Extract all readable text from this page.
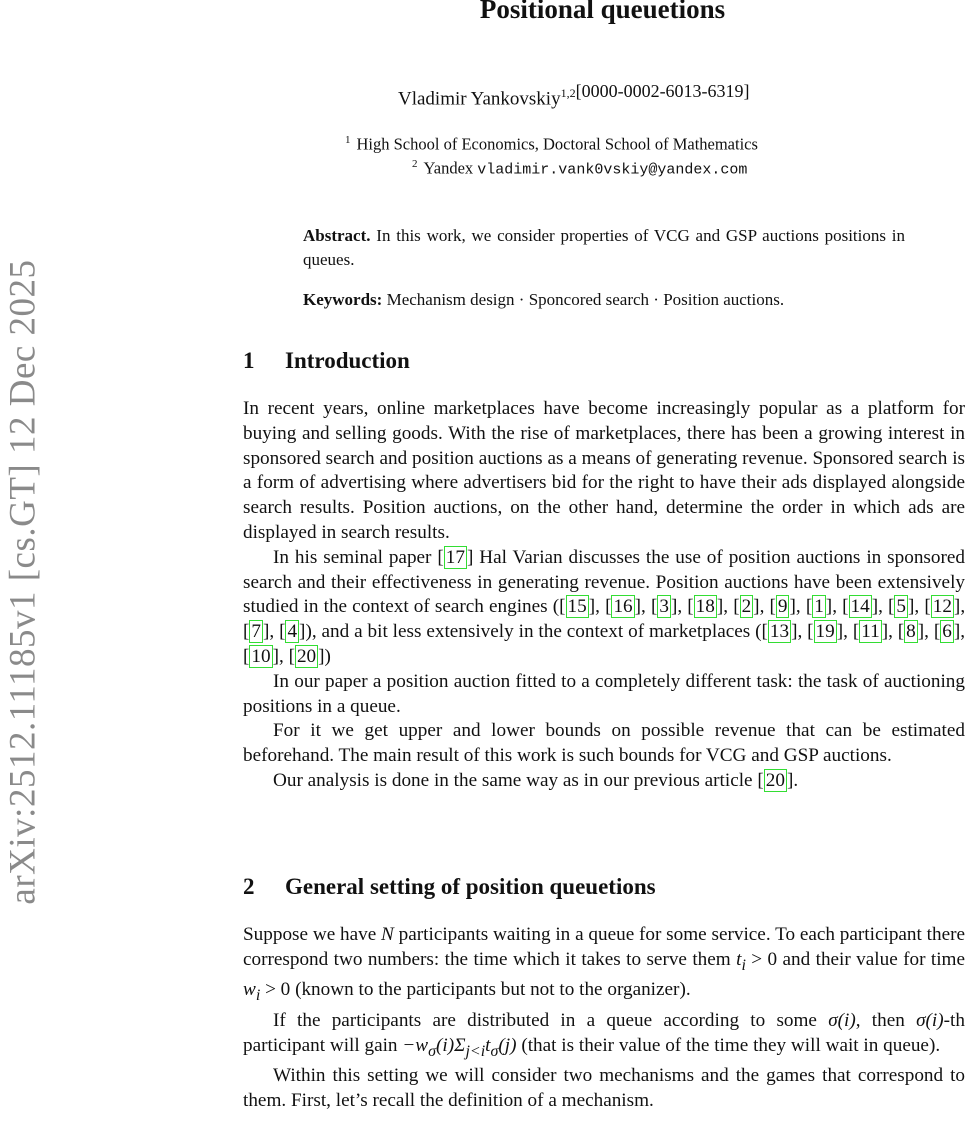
arXiv:2512.11185v1 [cs.GT] 12 Dec 2025
Positional queuetions
Vladimir Yankovskiy$^{1,2}$[0000-0002-6013-6319]
$^1$ High School of Economics, Doctoral School of Mathematics
$^2$ Yandex vladimir.vank0vskiy@yandex.com
Abstract. In this work, we consider properties of VCG and GSP auctions positions in queues.
Keywords: Mechanism design · Sponcored search · Position auctions.
1 Introduction

In recent years, online marketplaces have become increasingly popular as a platform for buying and selling goods. With the rise of marketplaces, there has been a growing interest in sponsored search and position auctions as a means of generating revenue. Sponsored search is a form of advertising where advertisers bid for the right to have their ads displayed alongside search results. Position auctions, on the other hand, determine the order in which ads are displayed in search results.

In his seminal paper [ 17 ] Hal Varian discusses the use of position auctions in sponsored search and their effectiveness in generating revenue. Position auctions have been extensively studied in the context of search engines ([ 15 ], [ 16 ], [ 3 ], [ 18 ], [ 2 ], [ 9 ], [ 1 ], [ 14 ], [ 5 ], [ 12 ], [ 7 ], [ 4 ]), and a bit less extensively in the context of marketplaces ([ 13 ], [ 19 ], [ 11 ], [ 8 ], [ 6 ], [ 10 ], [ 20 ])

In our paper a position auction fitted to a completely different task: the task of auctioning positions in a queue.

For it we get upper and lower bounds on possible revenue that can be estimated beforehand. The main result of this work is such bounds for VCG and GSP auctions.

Our analysis is done in the same way as in our previous article [ 20 ].

2 General setting of position queuetions

Suppose we have N participants waiting in a queue for some service. To each participant there correspond two numbers: the time which it takes to serve them $t_i > 0$ and their value for time $w_i > 0$ (known to the participants but not to the organizer).

If the participants are distributed in a queue according to some σ(i), then σ(i)-th participant will gain $-w_\sigma(i)\Sigma_{j<i}t_\sigma(j)$ (that is their value of the time they will wait in queue).

Within this setting we will consider two mechanisms and the games that correspond to them. First, let’s recall the definition of a mechanism.
